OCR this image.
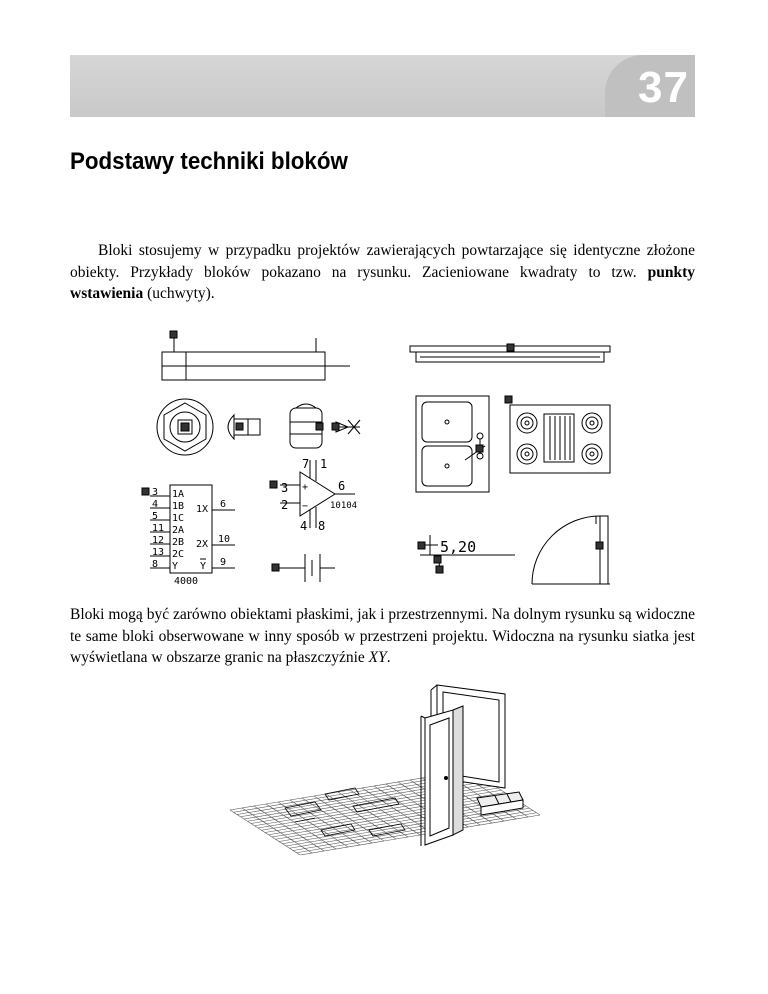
37
Podstawy techniki bloków

Bloki stosujemy w przypadku projektów zawierających powtarzające się identyczne złożone obiekty. Przykłady bloków pokazano na rysunku. Zacieniowane kwadraty to tzw. punkty wstawienia (uchwyty).

3
4
5
11
12
13
8
1A
1B
1C
2A
2B
2C
Y
1X
2X
Y
6
10
9
4000
7 1
3
2
6
4 8
10104
+
−
5,20

Bloki mogą być zarówno obiektami płaskimi, jak i przestrzennymi. Na dolnym rysunku są widoczne te same bloki obserwowane w inny sposób w przestrzeni projektu. Widoczna na rysunku siatka jest wyświetlana w obszarze granic na płaszczyźnie XY.
